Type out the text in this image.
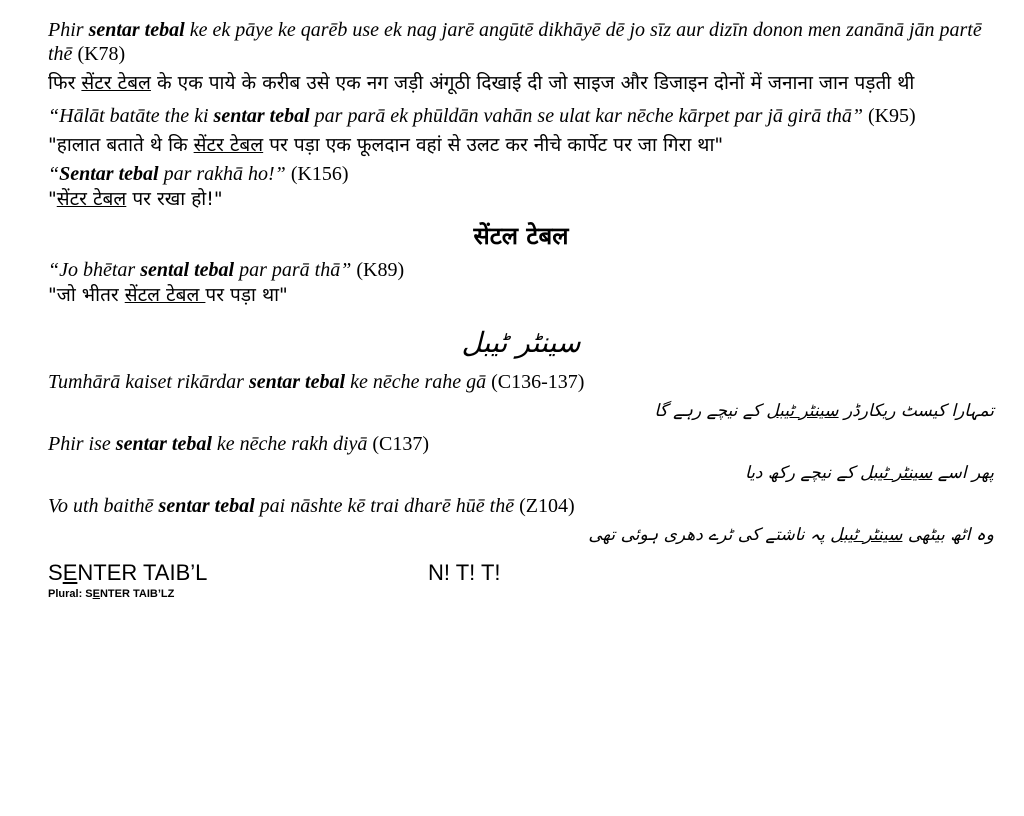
Phir sentar tebal ke ek pāye ke qarēb use ek nag jarē angūtē dikhāyē dē jo sīz aur dizīn donon men zanānā jān partē thē (K78)

फिर सेंटर टेबल के एक पाये के करीब उसे एक नग जड़ी अंगूठी दिखाई दी जो साइज और डिजाइन दोनों में जनाना जान पड़ती थी

“Hālāt batāte the ki sentar tebal par parā ek phūldān vahān se ulat kar nēche kārpet par jā girā thā” (K95)

"हालात बताते थे कि सेंटर टेबल पर पड़ा एक फूलदान वहां से उलट कर नीचे कार्पेट पर जा गिरा था"

“Sentar tebal par rakhā ho!” (K156)

"सेंटर टेबल पर रखा हो!"

सेंटल टेबल

“Jo bhētar sental tebal par parā thā” (K89)

"जो भीतर सेंटल टेबल पर पड़ा था"

سینٹر ٹیبل

Tumhārā kaiset rikārdar sentar tebal ke nēche rahe gā (C136-137)

تمہارا کیسٹ ریکارڈر سینٹر ٹیبل کے نیچے رہے گا

Phir ise sentar tebal ke nēche rakh diyā (C137)

پھر اسے سینٹر ٹیبل کے نیچے رکھ دیا

Vo uth baithē sentar tebal pai nāshte kē trai dharē hūē thē (Z104)

وہ اٹھ بیٹھی سینٹر ٹیبل پہ ناشتے کی ٹرے دھری ہوئی تھی

SENTER TAIB’L	N! T! T!
Plural: SENTER TAIB’LZ
